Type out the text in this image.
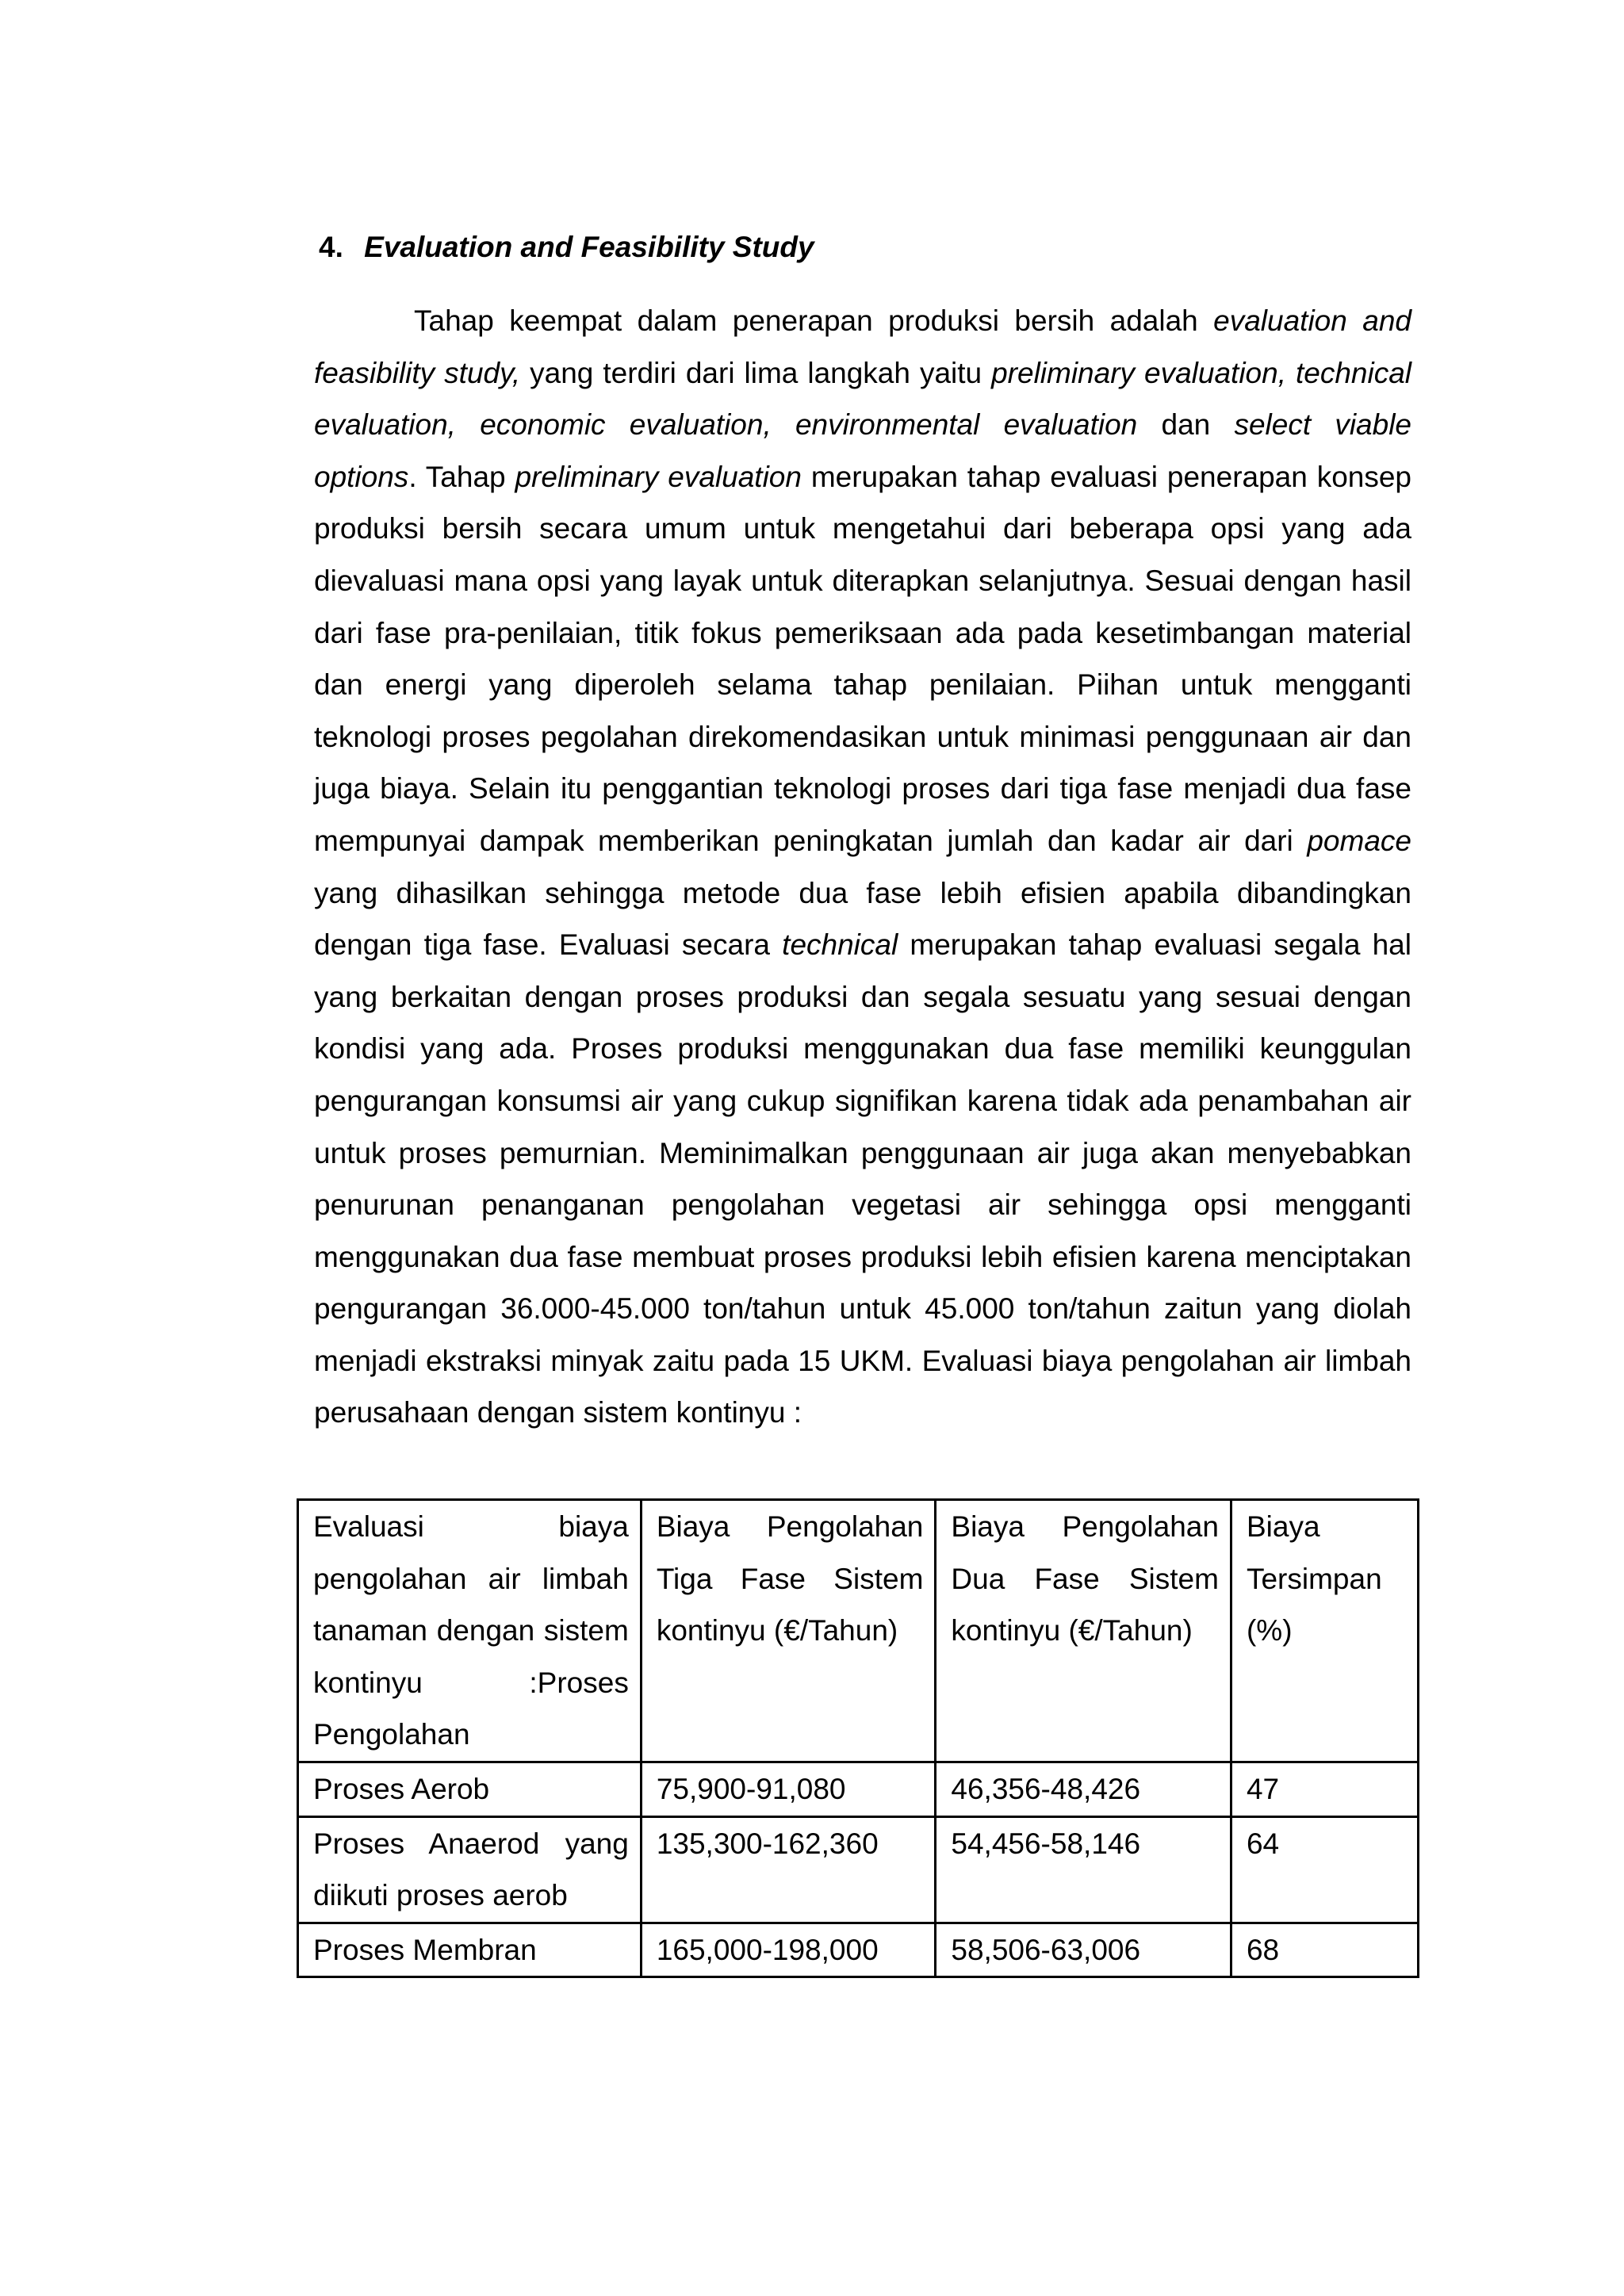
4. Evaluation and Feasibility Study

Tahap keempat dalam penerapan produksi bersih adalah evaluation and feasibility study, yang terdiri dari lima langkah yaitu preliminary evaluation, technical evaluation, economic evaluation, environmental evaluation dan select viable options. Tahap preliminary evaluation merupakan tahap evaluasi penerapan konsep produksi bersih secara umum untuk mengetahui dari beberapa opsi yang ada dievaluasi mana opsi yang layak untuk diterapkan selanjutnya. Sesuai dengan hasil dari fase pra-penilaian, titik fokus pemeriksaan ada pada kesetimbangan material dan energi yang diperoleh selama tahap penilaian. Piihan untuk mengganti teknologi proses pegolahan direkomendasikan untuk minimasi penggunaan air dan juga biaya. Selain itu penggantian teknologi proses dari tiga fase menjadi dua fase mempunyai dampak memberikan peningkatan jumlah dan kadar air dari pomace yang dihasilkan sehingga metode dua fase lebih efisien apabila dibandingkan dengan tiga fase. Evaluasi secara technical merupakan tahap evaluasi segala hal yang berkaitan dengan proses produksi dan segala sesuatu yang sesuai dengan kondisi yang ada. Proses produksi menggunakan dua fase memiliki keunggulan pengurangan konsumsi air yang cukup signifikan karena tidak ada penambahan air untuk proses pemurnian. Meminimalkan penggunaan air juga akan menyebabkan penurunan penanganan pengolahan vegetasi air sehingga opsi mengganti menggunakan dua fase membuat proses produksi lebih efisien karena menciptakan pengurangan 36.000-45.000 ton/tahun untuk 45.000 ton/tahun zaitun yang diolah menjadi ekstraksi minyak zaitu pada 15 UKM. Evaluasi biaya pengolahan air limbah perusahaan dengan sistem kontinyu :

Evaluasi biaya pengolahan air limbah tanaman dengan sistem kontinyu :Proses Pengolahan	Biaya Pengolahan Tiga Fase Sistem kontinyu (€/Tahun)	Biaya Pengolahan Dua Fase Sistem kontinyu (€/Tahun)	Biaya Tersimpan (%)

Proses Aerob	75,900-91,080	46,356-48,426	47
Proses Anaerod yang diikuti proses aerob	135,300-162,360	54,456-58,146	64
Proses Membran	165,000-198,000	58,506-63,006	68
